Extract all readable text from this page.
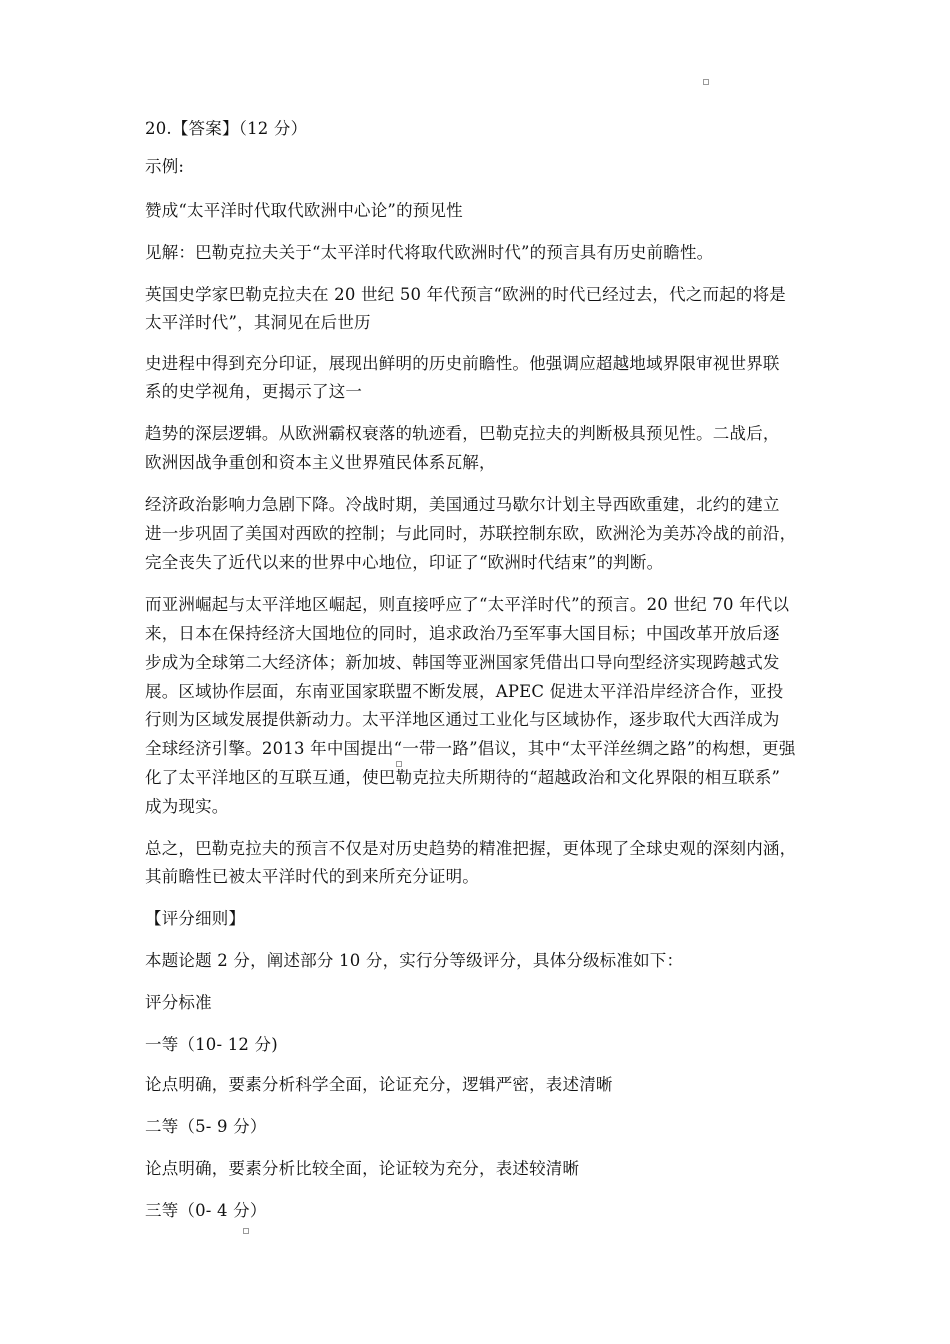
20.【答案】（12 分）
示例:
赞成“太平洋时代取代欧洲中心论”的预见性
见解：巴勒克拉夫关于“太平洋时代将取代欧洲时代”的预言具有历史前瞻性。
英国史学家巴勒克拉夫在 20 世纪 50 年代预言“欧洲的时代已经过去，代之而起的将是
太平洋时代”，其洞见在后世历
史进程中得到充分印证，展现出鲜明的历史前瞻性。他强调应超越地域界限审视世界联
系的史学视角，更揭示了这一
趋势的深层逻辑。从欧洲霸权衰落的轨迹看，巴勒克拉夫的判断极具预见性。二战后，
欧洲因战争重创和资本主义世界殖民体系瓦解，
经济政治影响力急剧下降。冷战时期，美国通过马歇尔计划主导西欧重建，北约的建立
进一步巩固了美国对西欧的控制；与此同时，苏联控制东欧，欧洲沦为美苏冷战的前沿，
完全丧失了近代以来的世界中心地位，印证了“欧洲时代结束”的判断。
而亚洲崛起与太平洋地区崛起，则直接呼应了“太平洋时代”的预言。20 世纪 70 年代以
来，日本在保持经济大国地位的同时，追求政治乃至军事大国目标；中国改革开放后逐
步成为全球第二大经济体；新加坡、韩国等亚洲国家凭借出口导向型经济实现跨越式发
展。区域协作层面，东南亚国家联盟不断发展，APEC 促进太平洋沿岸经济合作，亚投
行则为区域发展提供新动力。太平洋地区通过工业化与区域协作，逐步取代大西洋成为
全球经济引擎。2013 年中国提出“一带一路”倡议，其中“太平洋丝绸之路”的构想，更强
化了太平洋地区的互联互通，使巴勒克拉夫所期待的“超越政治和文化界限的相互联系”
成为现实。
总之，巴勒克拉夫的预言不仅是对历史趋势的精准把握，更体现了全球史观的深刻内涵，
其前瞻性已被太平洋时代的到来所充分证明。
【评分细则】
本题论题 2 分，阐述部分 10 分，实行分等级评分，具体分级标准如下：
评分标准
一等（10- 12 分)
论点明确，要素分析科学全面，论证充分，逻辑严密，表述清晰
二等（5- 9 分）
论点明确，要素分析比较全面，论证较为充分，表述较清晰
三等（0- 4 分）
